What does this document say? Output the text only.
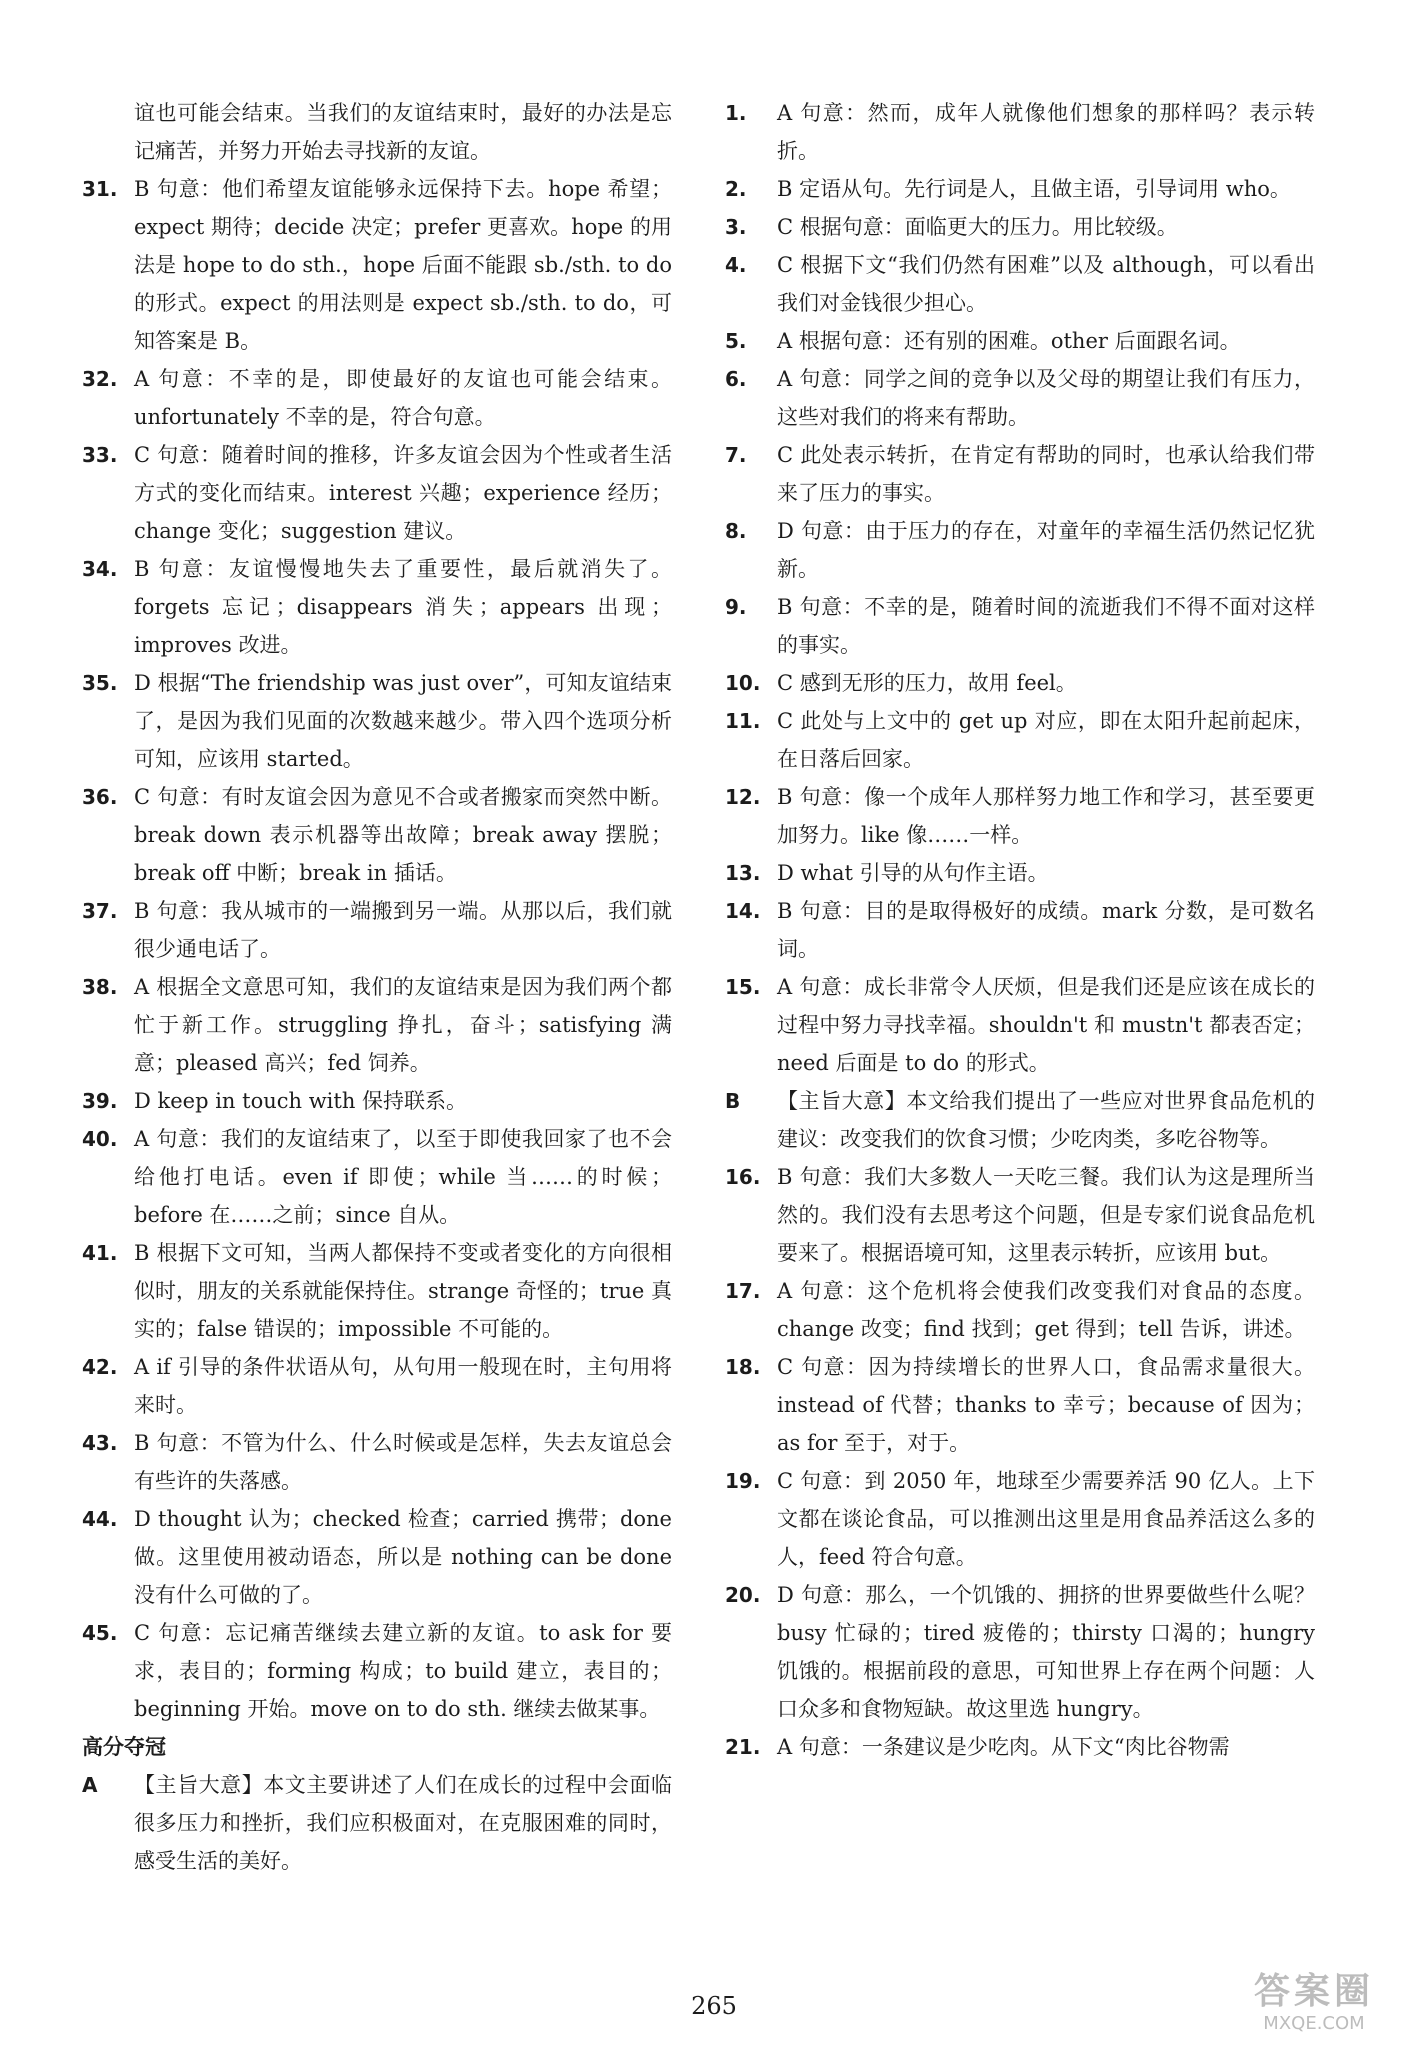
谊也可能会结束。当我们的友谊结束时，最好的办法是忘记痛苦，并努力开始去寻找新的友谊。
31. B 句意：他们希望友谊能够永远保持下去。hope 希望；expect 期待；decide 决定；prefer 更喜欢。hope 的用法是 hope to do sth.，hope 后面不能跟 sb./sth. to do 的形式。expect 的用法则是 expect sb./sth. to do，可知答案是 B。
32. A 句意：不幸的是，即使最好的友谊也可能会结束。unfortunately 不幸的是，符合句意。
33. C 句意：随着时间的推移，许多友谊会因为个性或者生活方式的变化而结束。interest 兴趣；experience 经历；change 变化；suggestion 建议。
34. B 句意：友谊慢慢地失去了重要性，最后就消失了。forgets 忘记；disappears 消失；appears 出现；improves 改进。
35. D 根据“The friendship was just over”，可知友谊结束了，是因为我们见面的次数越来越少。带入四个选项分析可知，应该用 started。
36. C 句意：有时友谊会因为意见不合或者搬家而突然中断。break down 表示机器等出故障；break away 摆脱；break off 中断；break in 插话。
37. B 句意：我从城市的一端搬到另一端。从那以后，我们就很少通电话了。
38. A 根据全文意思可知，我们的友谊结束是因为我们两个都忙于新工作。struggling 挣扎，奋斗；satisfying 满意；pleased 高兴；fed 饲养。
39. D keep in touch with 保持联系。
40. A 句意：我们的友谊结束了，以至于即使我回家了也不会给他打电话。even if 即使；while 当……的时候；before 在……之前；since 自从。
41. B 根据下文可知，当两人都保持不变或者变化的方向很相似时，朋友的关系就能保持住。strange 奇怪的；true 真实的；false 错误的；impossible 不可能的。
42. A if 引导的条件状语从句，从句用一般现在时，主句用将来时。
43. B 句意：不管为什么、什么时候或是怎样，失去友谊总会有些许的失落感。
44. D thought 认为；checked 检查；carried 携带；done 做。这里使用被动语态，所以是 nothing can be done 没有什么可做的了。
45. C 句意：忘记痛苦继续去建立新的友谊。to ask for 要求，表目的；forming 构成；to build 建立，表目的；beginning 开始。move on to do sth. 继续去做某事。
高分夺冠
A	【主旨大意】本文主要讲述了人们在成长的过程中会面临很多压力和挫折，我们应积极面对，在克服困难的同时，感受生活的美好。
1.	A 句意：然而，成年人就像他们想象的那样吗？表示转折。
2.	B 定语从句。先行词是人，且做主语，引导词用 who。
3.	C 根据句意：面临更大的压力。用比较级。
4.	C 根据下文“我们仍然有困难”以及 although，可以看出我们对金钱很少担心。
5.	A 根据句意：还有别的困难。other 后面跟名词。
6.	A 句意：同学之间的竞争以及父母的期望让我们有压力，这些对我们的将来有帮助。
7.	C 此处表示转折，在肯定有帮助的同时，也承认给我们带来了压力的事实。
8.	D 句意：由于压力的存在，对童年的幸福生活仍然记忆犹新。
9.	B 句意：不幸的是，随着时间的流逝我们不得不面对这样的事实。
10. C 感到无形的压力，故用 feel。
11. C 此处与上文中的 get up 对应，即在太阳升起前起床，在日落后回家。
12. B 句意：像一个成年人那样努力地工作和学习，甚至要更加努力。like 像……一样。
13. D what 引导的从句作主语。
14. B 句意：目的是取得极好的成绩。mark 分数，是可数名词。
15. A 句意：成长非常令人厌烦，但是我们还是应该在成长的过程中努力寻找幸福。shouldn't 和 mustn't 都表否定；need 后面是 to do 的形式。
B	【主旨大意】本文给我们提出了一些应对世界食品危机的建议：改变我们的饮食习惯；少吃肉类，多吃谷物等。
16. B 句意：我们大多数人一天吃三餐。我们认为这是理所当然的。我们没有去思考这个问题，但是专家们说食品危机要来了。根据语境可知，这里表示转折，应该用 but。
17. A 句意：这个危机将会使我们改变我们对食品的态度。change 改变；find 找到；get 得到；tell 告诉，讲述。
18. C 句意：因为持续增长的世界人口，食品需求量很大。instead of 代替；thanks to 幸亏；because of 因为；as for 至于，对于。
19. C 句意：到 2050 年，地球至少需要养活 90 亿人。上下文都在谈论食品，可以推测出这里是用食品养活这么多的人，feed 符合句意。
20. D 句意：那么，一个饥饿的、拥挤的世界要做些什么呢？busy 忙碌的；tired 疲倦的；thirsty 口渴的；hungry 饥饿的。根据前段的意思，可知世界上存在两个问题：人口众多和食物短缺。故这里选 hungry。
21. A 句意：一条建议是少吃肉。从下文“肉比谷物需
265	答案圈
MXQE.COM
